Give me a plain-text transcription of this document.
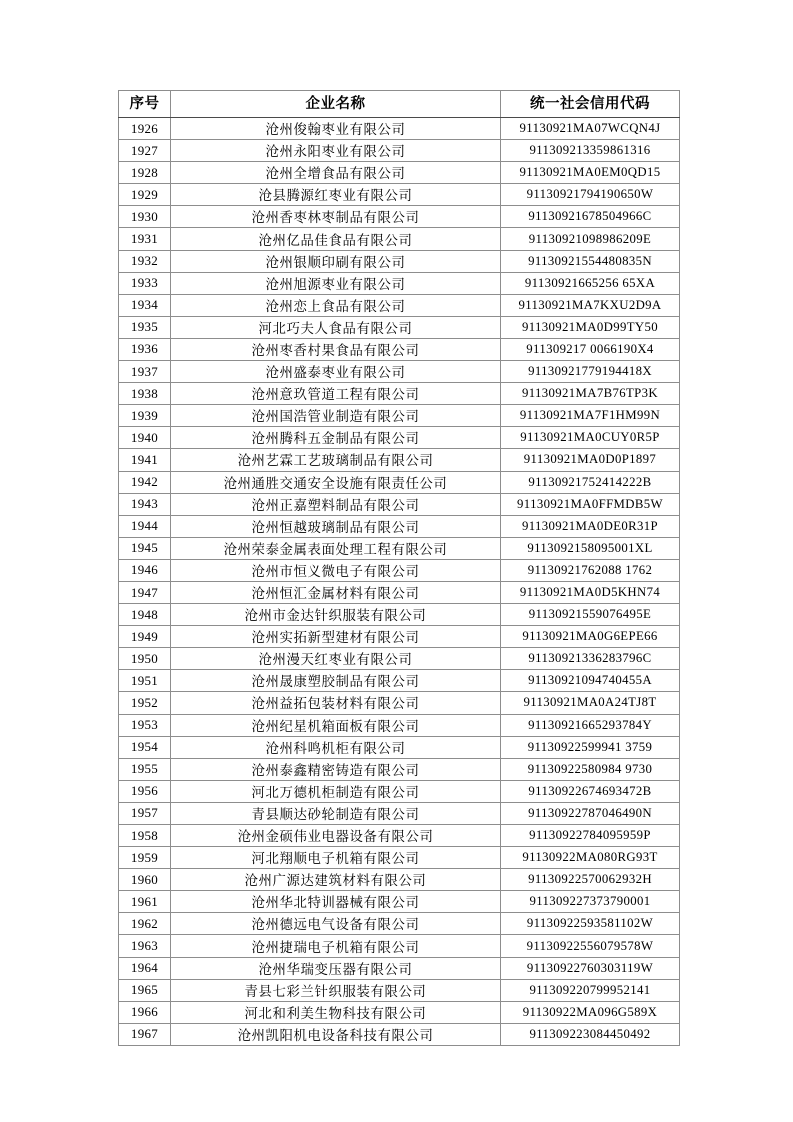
序号	企业名称	统一社会信用代码
1926	沧州俊翰枣业有限公司	91130921MA07WCQN4J
1927	沧州永阳枣业有限公司	911309213359861316
1928	沧州全增食品有限公司	91130921MA0EM0QD15
1929	沧县腾源红枣业有限公司	91130921794190650W
1930	沧州香枣林枣制品有限公司	91130921678504966C
1931	沧州亿品佳食品有限公司	91130921098986209E
1932	沧州银顺印刷有限公司	91130921554480835N
1933	沧州旭源枣业有限公司	91130921665256 65XA
1934	沧州恋上食品有限公司	91130921MA7KXU2D9A
1935	河北巧夫人食品有限公司	91130921MA0D99TY50
1936	沧州枣香村果食品有限公司	911309217 0066190X4
1937	沧州盛泰枣业有限公司	91130921779194418X
1938	沧州意玖管道工程有限公司	91130921MA7B76TP3K
1939	沧州国浩管业制造有限公司	91130921MA7F1HM99N
1940	沧州腾科五金制品有限公司	91130921MA0CUY0R5P
1941	沧州艺霖工艺玻璃制品有限公司	91130921MA0D0P1897
1942	沧州通胜交通安全设施有限责任公司	91130921752414222B
1943	沧州正嘉塑料制品有限公司	91130921MA0FFMDB5W
1944	沧州恒越玻璃制品有限公司	91130921MA0DE0R31P
1945	沧州荣泰金属表面处理工程有限公司	9113092158095001XL
1946	沧州市恒义微电子有限公司	91130921762088 1762
1947	沧州恒汇金属材料有限公司	91130921MA0D5KHN74
1948	沧州市金达针织服装有限公司	91130921559076495E
1949	沧州实拓新型建材有限公司	91130921MA0G6EPE66
1950	沧州漫天红枣业有限公司	91130921336283796C
1951	沧州晟康塑胶制品有限公司	91130921094740455A
1952	沧州益拓包装材料有限公司	91130921MA0A24TJ8T
1953	沧州纪星机箱面板有限公司	91130921665293784Y
1954	沧州科鸣机柜有限公司	91130922599941 3759
1955	沧州泰鑫精密铸造有限公司	91130922580984 9730
1956	河北万德机柜制造有限公司	91130922674693472B
1957	青县顺达砂轮制造有限公司	91130922787046490N
1958	沧州金硕伟业电器设备有限公司	91130922784095959P
1959	河北翔顺电子机箱有限公司	91130922MA080RG93T
1960	沧州广源达建筑材料有限公司	91130922570062932H
1961	沧州华北特训器械有限公司	911309227373790001
1962	沧州德远电气设备有限公司	91130922593581102W
1963	沧州捷瑞电子机箱有限公司	91130922556079578W
1964	沧州华瑞变压器有限公司	91130922760303119W
1965	青县七彩兰针织服装有限公司	911309220799952141
1966	河北和利美生物科技有限公司	91130922MA096G589X
1967	沧州凯阳机电设备科技有限公司	911309223084450492
